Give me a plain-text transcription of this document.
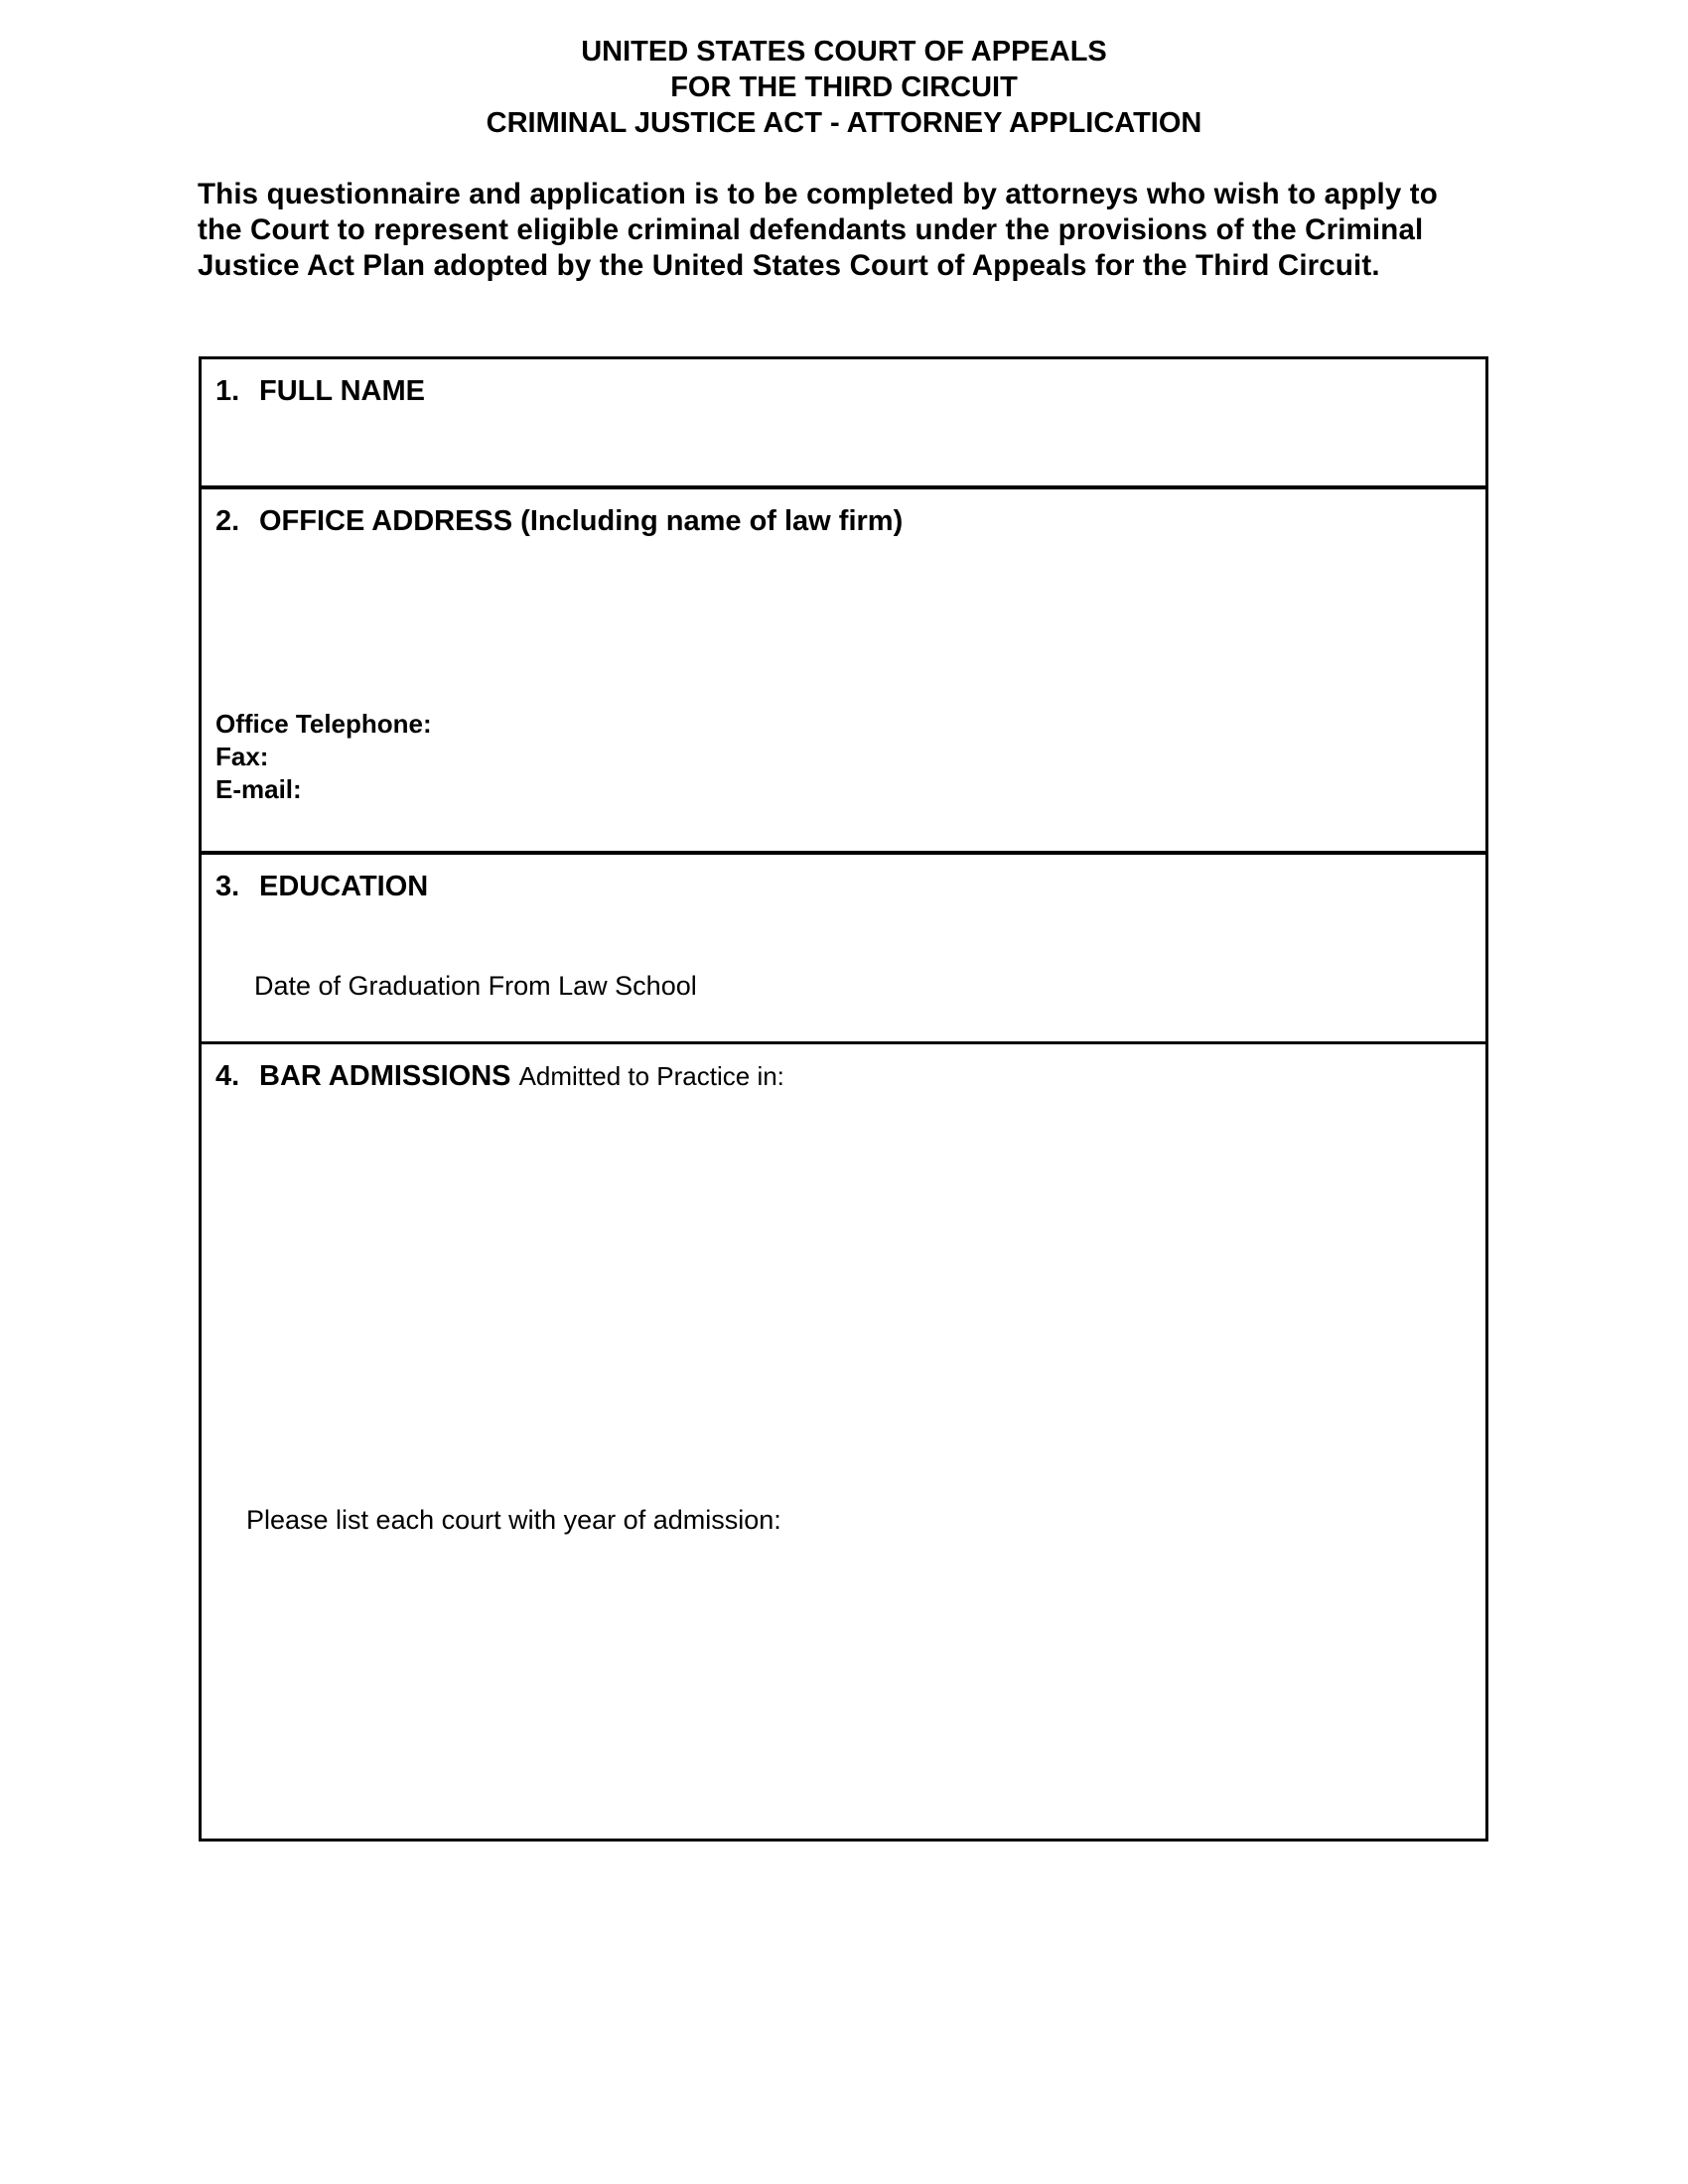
UNITED STATES COURT OF APPEALS
FOR THE THIRD CIRCUIT
CRIMINAL JUSTICE ACT - ATTORNEY APPLICATION
This questionnaire and application is to be completed by attorneys who wish to apply to
the Court to represent eligible criminal defendants under the provisions of the Criminal
Justice Act Plan adopted by the United States Court of Appeals for the Third Circuit.
1. FULL NAME
2. OFFICE ADDRESS (Including name of law firm)
Office Telephone:
Fax:
E-mail:
3. EDUCATION
Date of Graduation From Law School
4. BAR ADMISSIONS Admitted to Practice in:
Please list each court with year of admission:
